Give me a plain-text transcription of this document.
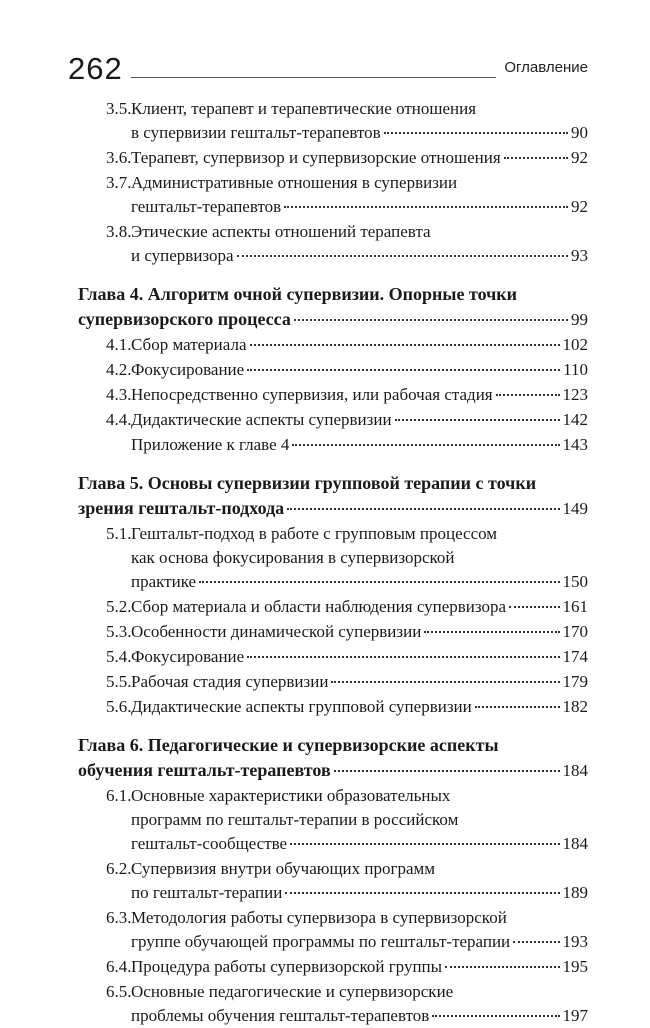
262	Оглавление
3.5. Клиент, терапевт и терапевтические отношения
в супервизии гештальт-терапевтов	90
3.6. Терапевт, супервизор и супервизорские отношения	92
3.7. Административные отношения в супервизии
гештальт-терапевтов	92
3.8. Этические аспекты отношений терапевта
и супервизора	93
Глава 4. Алгоритм очной супервизии. Опорные точки
супервизорского процесса	99
4.1. Сбор материала	102
4.2. Фокусирование	110
4.3. Непосредственно супервизия, или рабочая стадия	123
4.4. Дидактические аспекты супервизии	142
Приложение к главе 4	143
Глава 5. Основы супервизии групповой терапии с точки
зрения гештальт-подхода	149
5.1. Гештальт-подход в работе с групповым процессом
как основа фокусирования в супервизорской
практике	150
5.2. Сбор материала и области наблюдения супервизора	161
5.3. Особенности динамической супервизии	170
5.4. Фокусирование	174
5.5. Рабочая стадия супервизии	179
5.6. Дидактические аспекты групповой супервизии	182
Глава 6. Педагогические и супервизорские аспекты
обучения гештальт-терапевтов	184
6.1. Основные характеристики образовательных
программ по гештальт-терапии в российском
гештальт-сообществе	184
6.2. Супервизия внутри обучающих программ
по гештальт-терапии	189
6.3. Методология работы супервизора в супервизорской
группе обучающей программы по гештальт-терапии	193
6.4. Процедура работы супервизорской группы	195
6.5. Основные педагогические и супервизорские
проблемы обучения гештальт-терапевтов	197
